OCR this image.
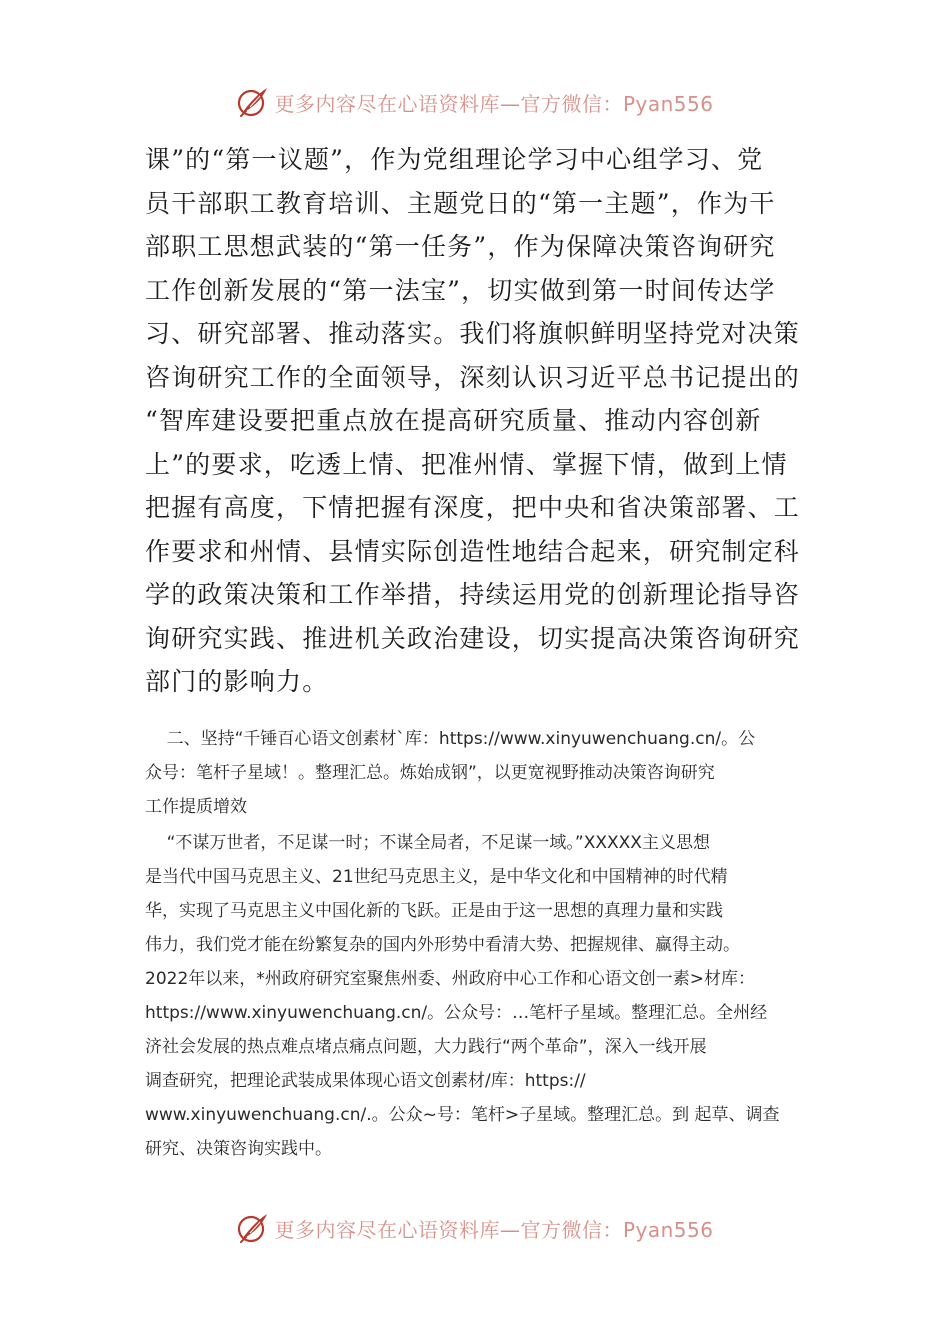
更多内容尽在心语资料库—官方微信：Pyan556
课”的“第一议题”，作为党组理论学习中心组学习、党
员干部职工教育培训、主题党日的“第一主题”，作为干
部职工思想武装的“第一任务”，作为保障决策咨询研究
工作创新发展的“第一法宝”，切实做到第一时间传达学
习、研究部署、推动落实。我们将旗帜鲜明坚持党对决策
咨询研究工作的全面领导，深刻认识习近平总书记提出的
“智库建设要把重点放在提高研究质量、推动内容创新
上”的要求，吃透上情、把准州情、掌握下情，做到上情
把握有高度，下情把握有深度，把中央和省决策部署、工
作要求和州情、县情实际创造性地结合起来，研究制定科
学的政策决策和工作举措，持续运用党的创新理论指导咨
询研究实践、推进机关政治建设，切实提高决策咨询研究
部门的影响力。
二、坚持“千锤百心语文创素材`库：https://www.xinyuwenchuang.cn/。公
众号：笔杆子星域！。整理汇总。炼始成钢”，以更宽视野推动决策咨询研究
工作提质增效
“不谋万世者，不足谋一时；不谋全局者，不足谋一域。”XXXXX主义思想
是当代中国马克思主义、21世纪马克思主义，是中华文化和中国精神的时代精
华，实现了马克思主义中国化新的飞跃。正是由于这一思想的真理力量和实践
伟力，我们党才能在纷繁复杂的国内外形势中看清大势、把握规律、赢得主动。
2022年以来，*州政府研究室聚焦州委、州政府中心工作和心语文创一素>材库：
https://www.xinyuwenchuang.cn/。公众号：…笔杆子星域。整理汇总。全州经
济社会发展的热点难点堵点痛点问题，大力践行“两个革命”，深入一线开展
调查研究，把理论武装成果体现心语文创素材/库：https://
www.xinyuwenchuang.cn/.。公众~号：笔杆>子星域。整理汇总。到 起草、调查
研究、决策咨询实践中。
更多内容尽在心语资料库—官方微信：Pyan556
